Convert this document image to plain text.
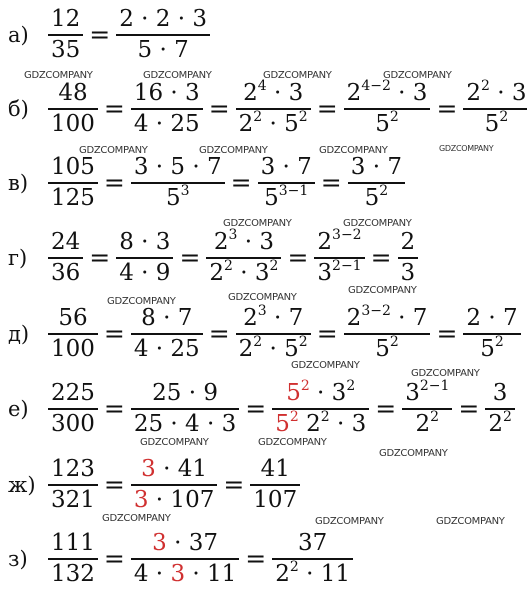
$а) \frac{12}{35} = \frac{2 \cdot 2 \cdot 3}{5 \cdot 7}$
$б) \frac{48}{100} = \frac{16 \cdot 3}{4 \cdot 25} = \frac{2^4 \cdot 3}{2^2 \cdot 5^2} = \frac{2^{4-2} \cdot 3}{5^2} = \frac{2^2 \cdot 3}{5^2}$
$в) \frac{105}{125} = \frac{3 \cdot 5 \cdot 7}{5^3} = \frac{3 \cdot 7}{5^{3-1}} = \frac{3 \cdot 7}{5^2}$
$г) \frac{24}{36} = \frac{8 \cdot 3}{4 \cdot 9} = \frac{2^3 \cdot 3}{2^2 \cdot 3^2} = \frac{2^{3-2}}{3^{2-1}} = \frac{2}{3}$
$д) \frac{56}{100} = \frac{8 \cdot 7}{4 \cdot 25} = \frac{2^3 \cdot 7}{2^2 \cdot 5^2} = \frac{2^{3-2} \cdot 7}{5^2} = \frac{2 \cdot 7}{5^2}$
$е) \frac{225}{300} = \frac{25 \cdot 9}{25 \cdot 4 \cdot 3} = \frac{5^2 \cdot 3^2}{5^2 2^2 \cdot 3} = \frac{3^{2-1}}{2^2} = \frac{3}{2^2}$
$ж) \frac{123}{321} = \frac{3 \cdot 41}{3 \cdot 107} = \frac{41}{107}$
$з) \frac{111}{132} = \frac{3 \cdot 37}{4 \cdot 3 \cdot 11} = \frac{37}{2^2 \cdot 11}$
GDZCOMPANY	GDZCOMPANY	GDZCOMPANY	GDZCOMPANY
GDZCOMPANY	GDZCOMPANY	GDZCOMPANY	GDZCOMPANY
GDZCOMPANY	GDZCOMPANY
GDZCOMPANY
GDZCOMPANY	GDZCOMPANY
GDZCOMPANY
GDZCOMPANY
GDZCOMPANY	GDZCOMPANY
GDZCOMPANY
GDZCOMPANY	GDZCOMPANY	GDZCOMPANY
